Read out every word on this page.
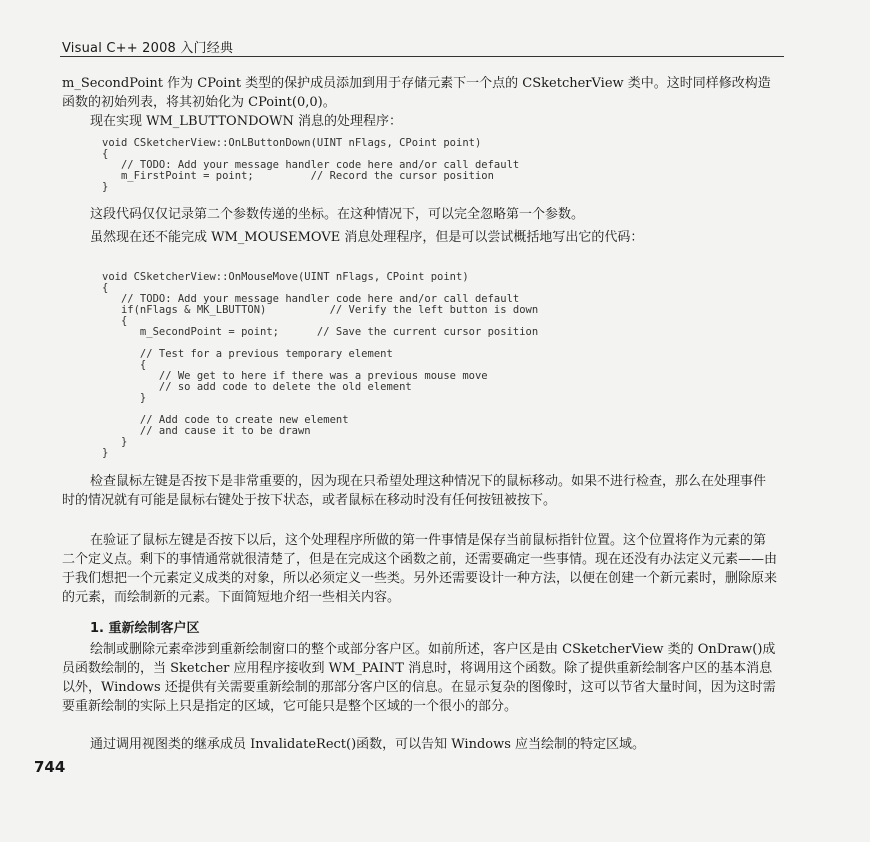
Visual C++ 2008 入门经典

m_SecondPoint 作为 CPoint 类型的保护成员添加到用于存储元素下一个点的 CSketcherView 类中。这时同样修改构造函数的初始列表，将其初始化为 CPoint(0,0)。

现在实现 WM_LBUTTONDOWN 消息的处理程序：

void CSketcherView::OnLButtonDown(UINT nFlags, CPoint point)
{
// TODO: Add your message handler code here and/or call default
m_FirstPoint = point;         // Record the cursor position
}

这段代码仅仅记录第二个参数传递的坐标。在这种情况下，可以完全忽略第一个参数。

虽然现在还不能完成 WM_MOUSEMOVE 消息处理程序，但是可以尝试概括地写出它的代码：

void CSketcherView::OnMouseMove(UINT nFlags, CPoint point)
{
// TODO: Add your message handler code here and/or call default
if(nFlags & MK_LBUTTON)          // Verify the left button is down
{
m_SecondPoint = point;      // Save the current cursor position

// Test for a previous temporary element
{
// We get to here if there was a previous mouse move
// so add code to delete the old element
}

// Add code to create new element
// and cause it to be drawn
}
}

检查鼠标左键是否按下是非常重要的，因为现在只希望处理这种情况下的鼠标移动。如果不进行检查，那么在处理事件时的情况就有可能是鼠标右键处于按下状态，或者鼠标在移动时没有任何按钮被按下。

在验证了鼠标左键是否按下以后，这个处理程序所做的第一件事情是保存当前鼠标指针位置。这个位置将作为元素的第二个定义点。剩下的事情通常就很清楚了，但是在完成这个函数之前，还需要确定一些事情。现在还没有办法定义元素——由于我们想把一个元素定义成类的对象，所以必须定义一些类。另外还需要设计一种方法，以便在创建一个新元素时，删除原来的元素，而绘制新的元素。下面简短地介绍一些相关内容。

1. 重新绘制客户区

绘制或删除元素牵涉到重新绘制窗口的整个或部分客户区。如前所述，客户区是由 CSketcherView 类的 OnDraw()成员函数绘制的，当 Sketcher 应用程序接收到 WM_PAINT 消息时，将调用这个函数。除了提供重新绘制客户区的基本消息以外，Windows 还提供有关需要重新绘制的那部分客户区的信息。在显示复杂的图像时，这可以节省大量时间，因为这时需要重新绘制的实际上只是指定的区域，它可能只是整个区域的一个很小的部分。

通过调用视图类的继承成员 InvalidateRect()函数，可以告知 Windows 应当绘制的特定区域。

744
